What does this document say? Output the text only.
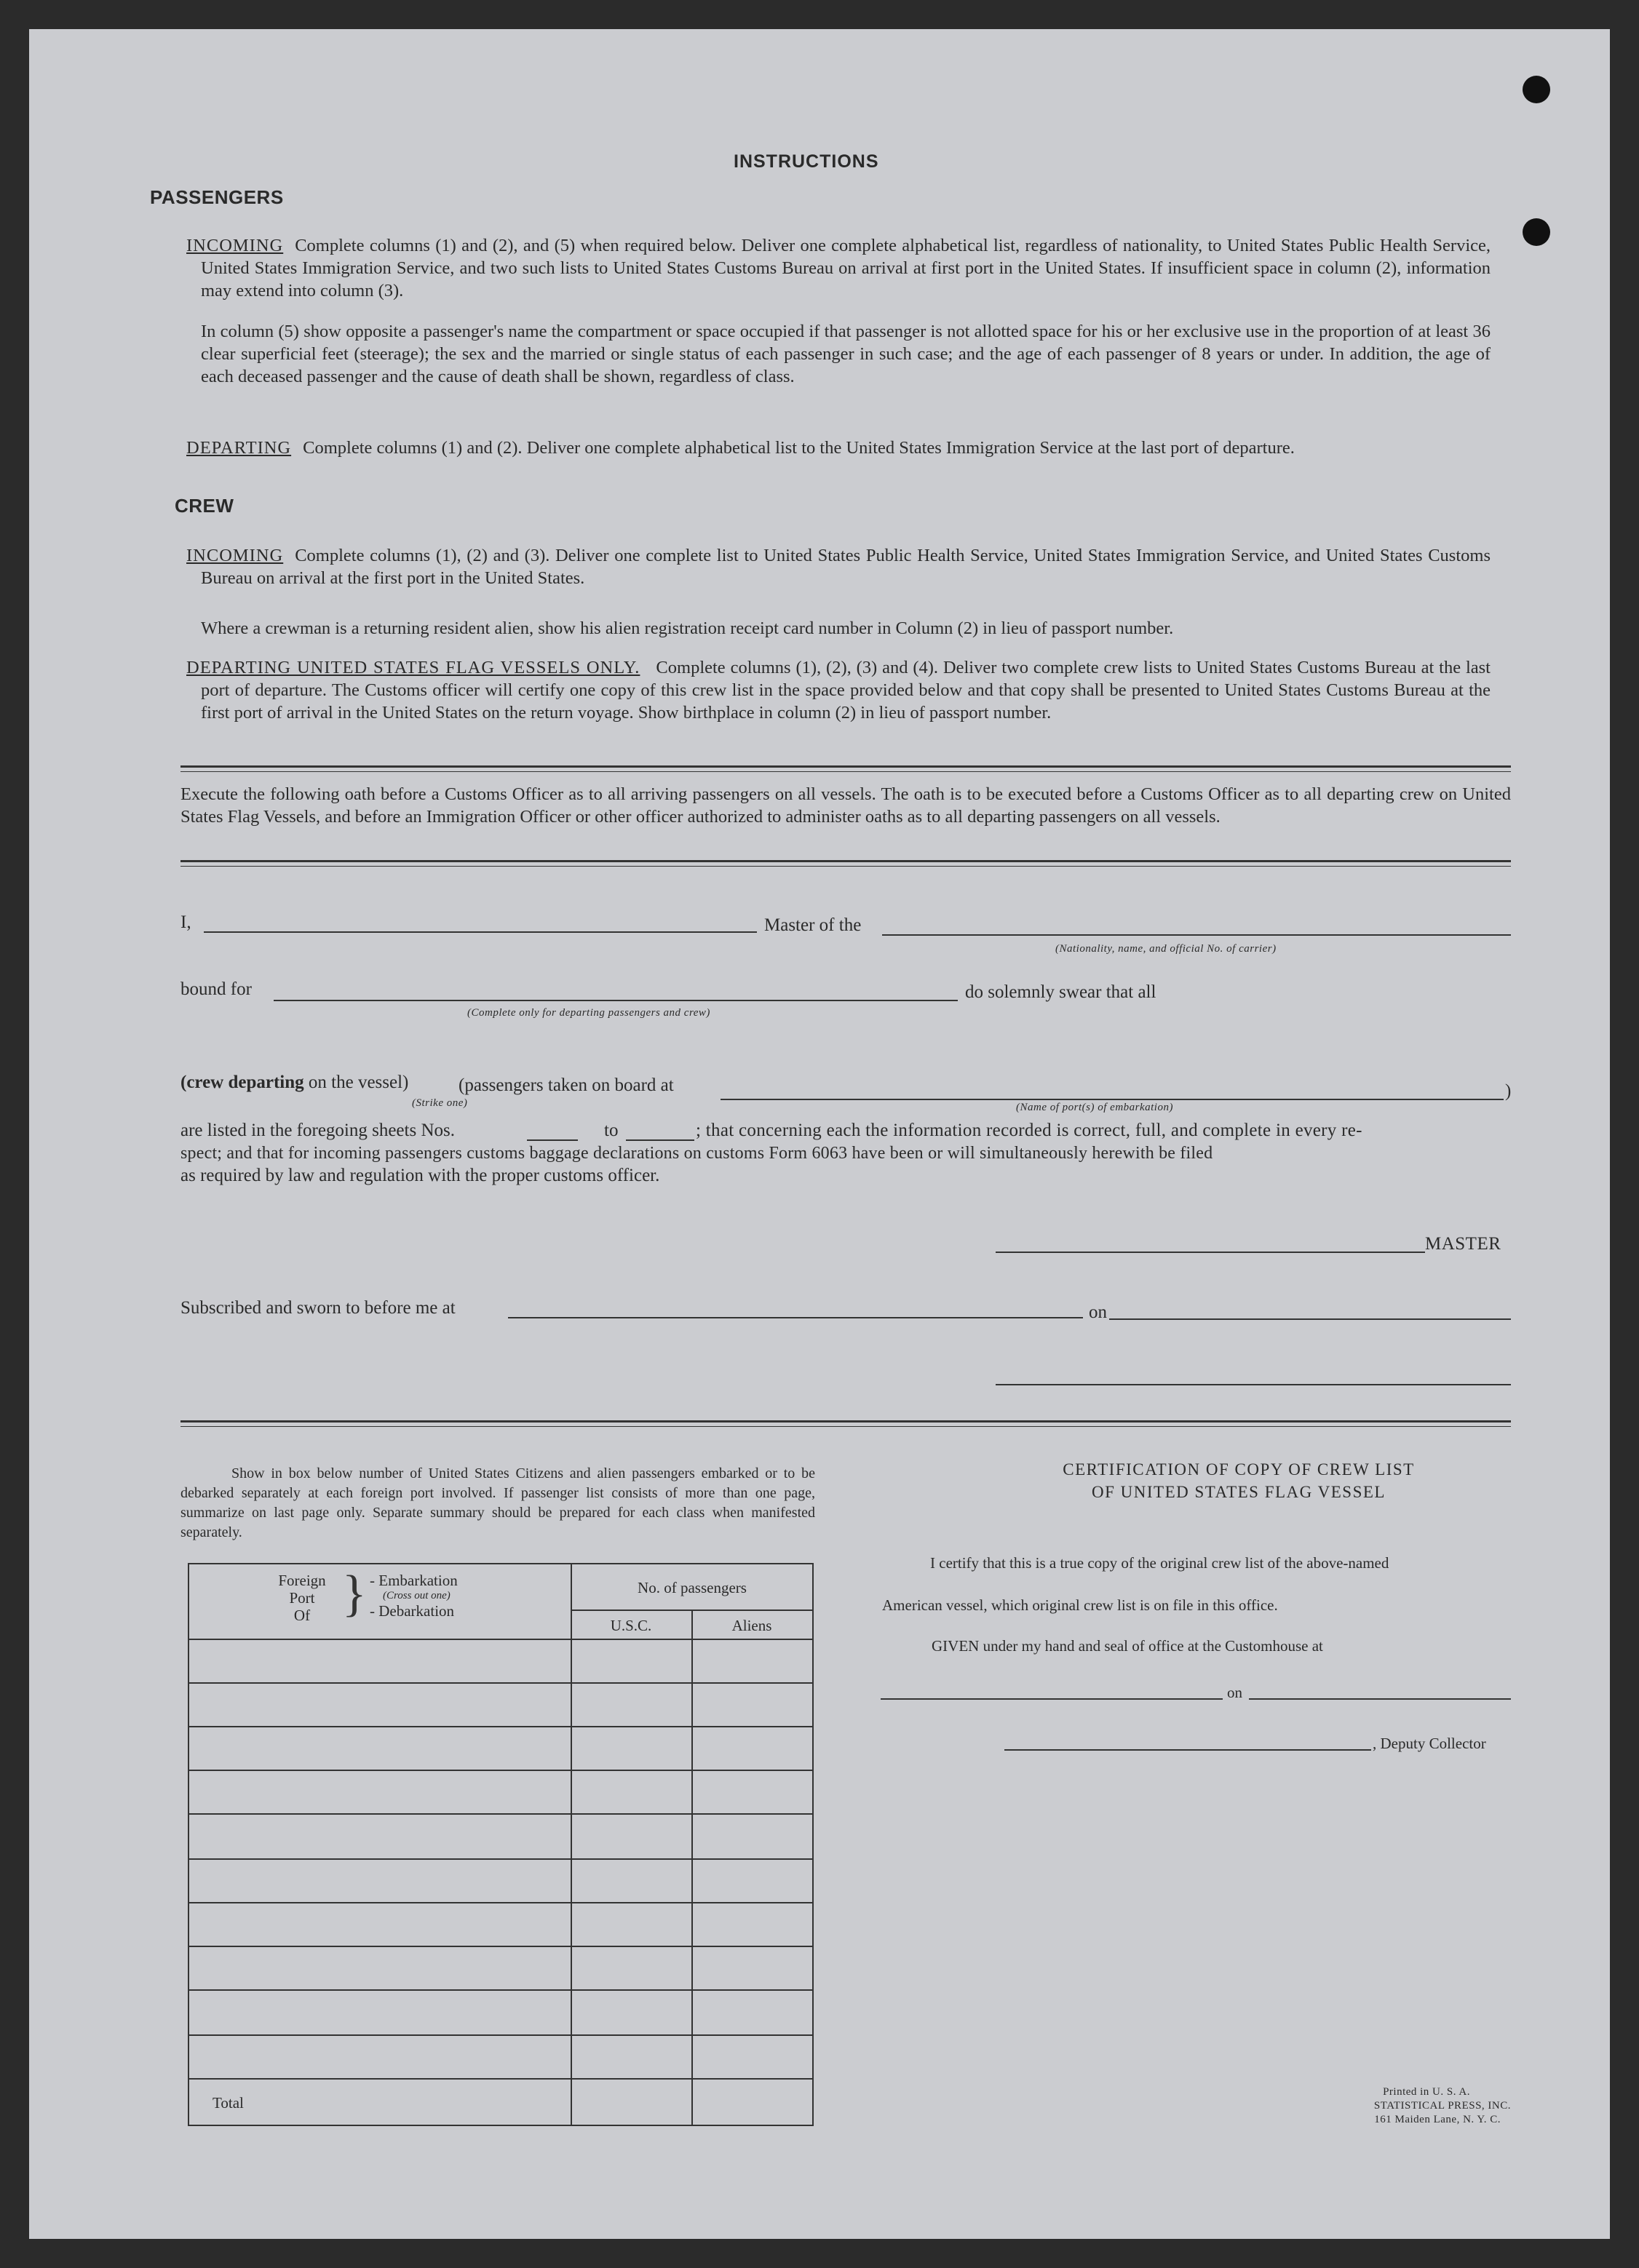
INSTRUCTIONS
PASSENGERS
INCOMING Complete columns (1) and (2), and (5) when required below. Deliver one complete alphabetical list, regardless of nationality, to United States Public Health Service, United States Immigration Service, and two such lists to United States Customs Bureau on arrival at first port in the United States. If insufficient space in column (2), information may extend into column (3).
In column (5) show opposite a passenger's name the compartment or space occupied if that passenger is not allotted space for his or her exclusive use in the proportion of at least 36 clear superficial feet (steerage); the sex and the married or single status of each passenger in such case; and the age of each passenger of 8 years or under. In addition, the age of each deceased passenger and the cause of death shall be shown, regardless of class.
DEPARTING Complete columns (1) and (2). Deliver one complete alphabetical list to the United States Immigration Service at the last port of departure.
CREW
INCOMING Complete columns (1), (2) and (3). Deliver one complete list to United States Public Health Service, United States Immigration Service, and United States Customs Bureau on arrival at the first port in the United States.
Where a crewman is a returning resident alien, show his alien registration receipt card number in Column (2) in lieu of passport number.
DEPARTING UNITED STATES FLAG VESSELS ONLY. Complete columns (1), (2), (3) and (4). Deliver two complete crew lists to United States Customs Bureau at the last port of departure. The Customs officer will certify one copy of this crew list in the space provided below and that copy shall be presented to United States Customs Bureau at the first port of arrival in the United States on the return voyage. Show birthplace in column (2) in lieu of passport number.
Execute the following oath before a Customs Officer as to all arriving passengers on all vessels. The oath is to be executed before a Customs Officer as to all departing crew on United States Flag Vessels, and before an Immigration Officer or other officer authorized to administer oaths as to all departing passengers on all vessels.
I,	Master of the
(Nationality, name, and official No. of carrier)
bound for
(Complete only for departing passengers and crew)
do solemnly swear that all
(crew departing on the vessel)	(passengers taken on board at	)
(Strike one)	(Name of port(s) of embarkation)
are listed in the foregoing sheets Nos.	to	; that concerning each the information recorded is correct, full, and complete in every re-
spect; and that for incoming passengers customs baggage declarations on customs Form 6063 have been or will simultaneously herewith be filed
as required by law and regulation with the proper customs officer.
MASTER
Subscribed and sworn to before me at	on
Show in box below number of United States Citizens and alien passengers embarked or to be debarked separately at each foreign port involved. If passenger list consists of more than one page, summarize on last page only. Separate summary should be prepared for each class when manifested separately.
Foreign
Port
Of } - Embarkation
(Cross out one)
- Debarkation
No. of passengers
U.S.C.	Aliens
Total
CERTIFICATION OF COPY OF CREW LIST
OF UNITED STATES FLAG VESSEL
I certify that this is a true copy of the original crew list of the above-named
American vessel, which original crew list is on file in this office.
GIVEN under my hand and seal of office at the Customhouse at
on
, Deputy Collector
Printed in U. S. A.
STATISTICAL PRESS, INC.
161 Maiden Lane, N. Y. C.
